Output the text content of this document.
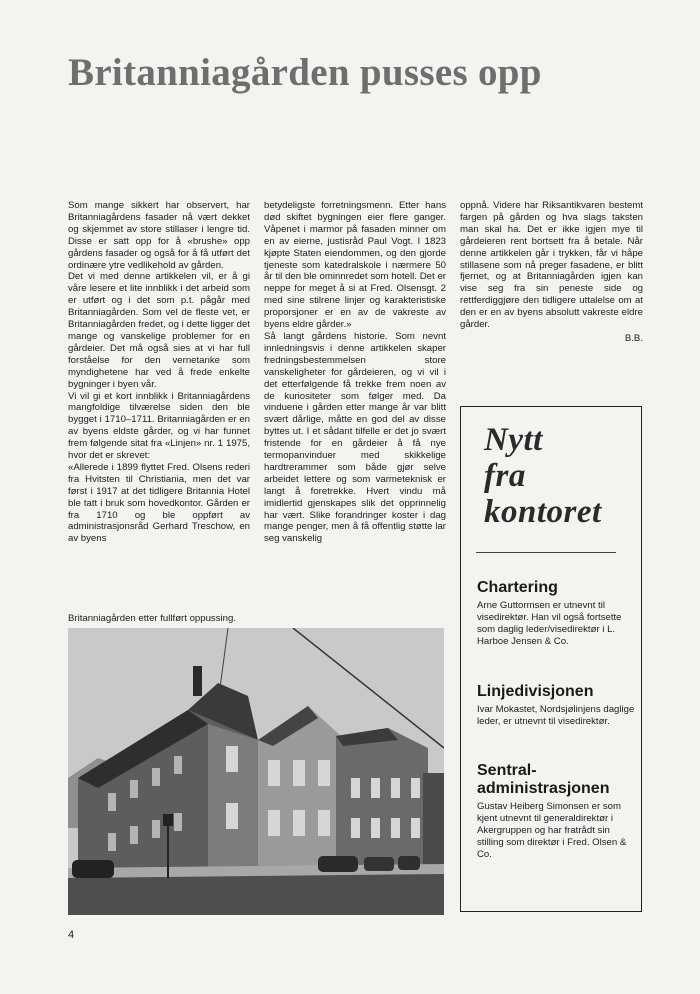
Britanniagården pusses opp

Som mange sikkert har observert, har Britanniagårdens fasader nå vært dekket og skjemmet av store stillaser i lengre tid. Disse er satt opp for å «brushe» opp gårdens fasader og også for å få utført det ordinære ytre vedlikehold av gården.

Det vi med denne artikkelen vil, er å gi våre lesere et lite innblikk i det arbeid som er utført og i det som p.t. pågår med Britanniagården. Som vel de fleste vet, er Britanniagården fredet, og i dette ligger det mange og vanskelige problemer for en gårdeier. Det må også sies at vi har full forståelse for den vernetanke som myndighetene har ved å frede enkelte bygninger i byen vår.

Vi vil gi et kort innblikk i Britanniagårdens mangfoldige tilværelse siden den ble bygget i 1710–1711. Britanniagården er en av byens eldste gårder, og vi har funnet frem følgende sitat fra «Linjen» nr. 1 1975, hvor det er skrevet:

«Allerede i 1899 flyttet Fred. Olsens rederi fra Hvitsten til Christiania, men det var først i 1917 at det tidligere Britannia Hotel ble tatt i bruk som hovedkontor. Gården er fra 1710 og ble oppført av administrasjonsråd Gerhard Treschow, en av byens

betydeligste forretningsmenn. Etter hans død skiftet bygningen eier flere ganger. Våpenet i marmor på fasaden minner om en av eierne, justisråd Paul Vogt. I 1823 kjøpte Staten eiendommen, og den gjorde tjeneste som katedralskole i nærmere 50 år til den ble ominnredet som hotell. Det er neppe for meget å si at Fred. Olsensgt. 2 med sine stilrene linjer og karakteristiske proporsjoner er en av de vakreste av byens eldre gårder.»

Så langt gårdens historie. Som nevnt innledningsvis i denne artikkelen skaper fredningsbestemmelsen store vanskeligheter for gårdeieren, og vi vil i det etterfølgende få trekke frem noen av de kuriositeter som følger med. Da vinduene i gården etter mange år var blitt svært dårlige, måtte en god del av disse byttes ut. I et sådant tilfelle er det jo svært fristende for en gårdeier å få nye termopanvinduer med skikkelige hardtrerammer som både gjør selve arbeidet lettere og som varmeteknisk er langt å foretrekke. Hvert vindu må imidlertid gjenskapes slik det opprinnelig har vært. Slike forandringer koster i dag mange penger, men å få offentlig støtte lar seg vanskelig

oppnå. Videre har Riksantikvaren bestemt fargen på gården og hva slags taksten man skal ha. Det er ikke igjen mye til gårdeieren rent bortsett fra å betale. Når denne artikkelen går i trykken, får vi håpe stillasene som nå preger fasadene, er blitt fjernet, og at Britanniagården igjen kan vise seg fra sin peneste side og rettferdiggjøre den tidligere uttalelse om at den er en av byens absolutt vakreste eldre gårder.

B.B.

Britanniagården etter fullført oppussing.
Nytt
fra
kontoret
Chartering

Arne Guttormsen er utnevnt til visedirektør. Han vil også fortsette som daglig leder/visedirektør i L. Harboe Jensen & Co.

Linjedivisjonen

Ivar Mokastet, Nordsjølinjens daglige leder, er utnevnt til visedirektør.

Sentral-
administrasjonen

Gustav Heiberg Simonsen er som kjent utnevnt til generaldirektør i Akergruppen og har fratrådt sin stilling som direktør i Fred. Olsen & Co.

4
